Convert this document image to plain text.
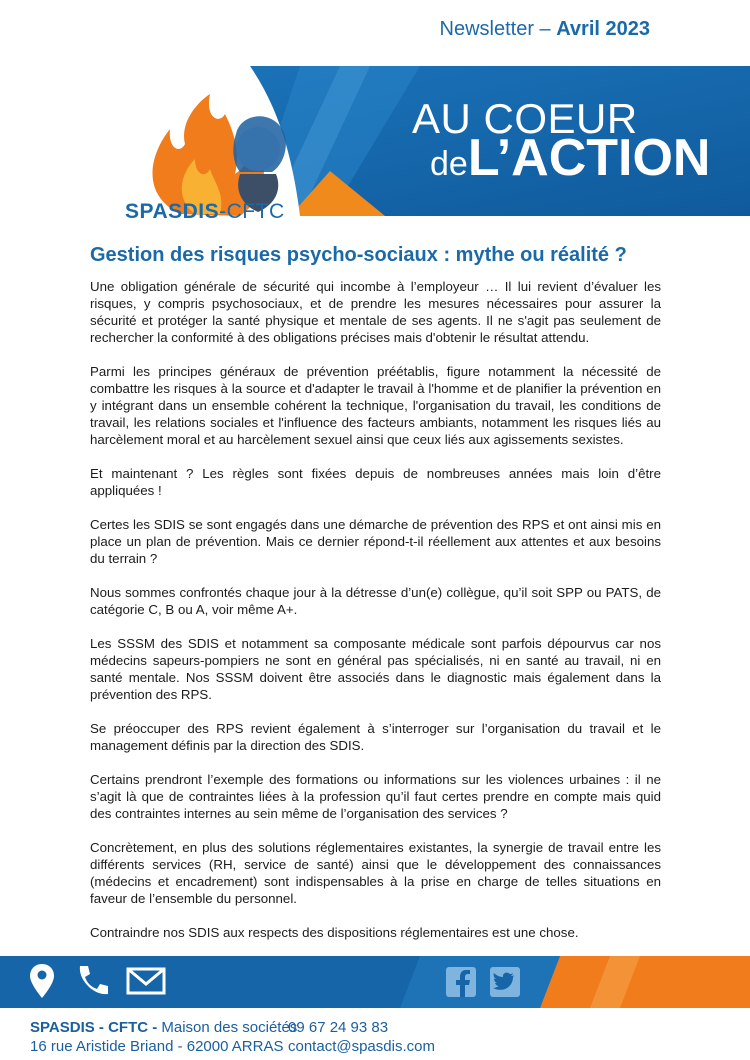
Newsletter – Avril 2023
SPASDIS-CFTC
AU COEUR
deL’ACTION
Gestion des risques psycho-sociaux : mythe ou réalité ?

Une obligation générale de sécurité qui incombe à l’employeur … Il lui revient d’évaluer les risques, y compris psychosociaux, et de prendre les mesures nécessaires pour assurer la sécurité et protéger la santé physique et mentale de ses agents. Il ne s'agit pas seulement de rechercher la conformité à des obligations précises mais d'obtenir le résultat attendu.

Parmi les principes généraux de prévention préétablis, figure notamment la nécessité de combattre les risques à la source et d'adapter le travail à l'homme et de planifier la prévention en y intégrant dans un ensemble cohérent la technique, l'organisation du travail, les conditions de travail, les relations sociales et l'influence des facteurs ambiants, notamment les risques liés au harcèlement moral et au harcèlement sexuel ainsi que ceux liés aux agissements sexistes.

Et maintenant ? Les règles sont fixées depuis de nombreuses années mais loin d’être appliquées !

Certes les SDIS se sont engagés dans une démarche de prévention des RPS et ont ainsi mis en place un plan de prévention. Mais ce dernier répond-t-il réellement aux attentes et aux besoins du terrain ?

Nous sommes confrontés chaque jour à la détresse d’un(e) collègue, qu’il soit SPP ou PATS, de catégorie C, B ou A, voir même A+.

Les SSSM des SDIS et notamment sa composante médicale sont parfois dépourvus car nos médecins sapeurs-pompiers ne sont en général pas spécialisés, ni en santé au travail, ni en santé mentale. Nos SSSM doivent être associés dans le diagnostic mais également dans la prévention des RPS.

Se préoccuper des RPS revient également à s’interroger sur l’organisation du travail et le management définis par la direction des SDIS.

Certains prendront l’exemple des formations ou informations sur les violences urbaines : il ne s’agit là que de contraintes liées à la profession qu’il faut certes prendre en compte mais quid des contraintes internes au sein même de l’organisation des services ?

Concrètement, en plus des solutions réglementaires existantes, la synergie de travail entre les différents services (RH, service de santé) ainsi que le développement des connaissances (médecins et encadrement) sont indispensables à la prise en charge de telles situations en faveur de l’ensemble du personnel.

Contraindre nos SDIS aux respects des dispositions réglementaires est une chose.

SPASDIS - CFTC - Maison des sociétés
16 rue Aristide Briand - 62000 ARRAS
09 67 24 93 83
contact@spasdis.com
